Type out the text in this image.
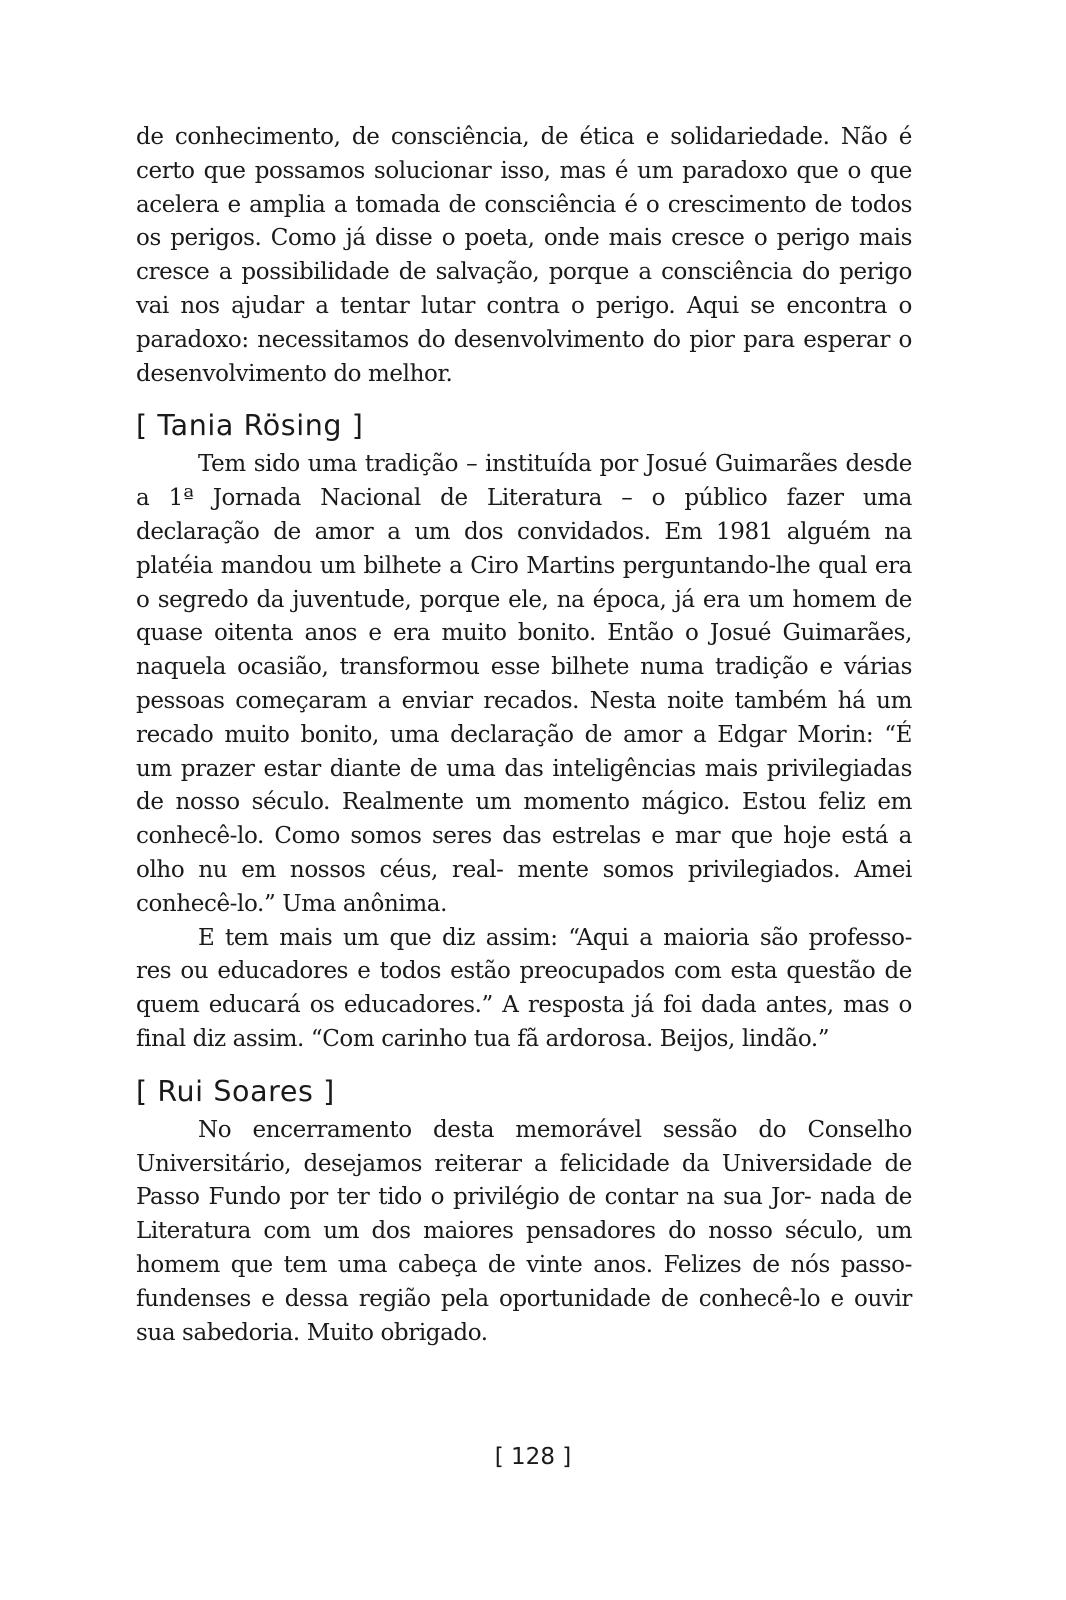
de conhecimento, de consciência, de ética e solidariedade. Não é certo que possamos solucionar isso, mas é um paradoxo que o que acelera e amplia a tomada de consciência é o crescimento de todos os perigos. Como já disse o poeta, onde mais cresce o perigo mais cresce a possibilidade de salvação, porque a consciência do perigo vai nos ajudar a tentar lutar contra o perigo. Aqui se encontra o paradoxo: necessitamos do desenvolvimento do pior para esperar o desenvolvimento do melhor.

[ Tania Rösing ]

Tem sido uma tradição – instituída por Josué Guimarães desde a 1ª Jornada Nacional de Literatura – o público fazer uma declaração de amor a um dos convidados. Em 1981 alguém na platéia mandou um bilhete a Ciro Martins perguntando-lhe qual era o segredo da juventude, porque ele, na época, já era um homem de quase oitenta anos e era muito bonito. Então o Josué Guimarães, naquela ocasião, transformou esse bilhete numa tradição e várias pessoas começaram a enviar recados. Nesta noite também há um recado muito bonito, uma declaração de amor a Edgar Morin: “É um prazer estar diante de uma das inteligências mais privilegiadas de nosso século. Realmente um momento mágico. Estou feliz em conhecê-lo. Como somos seres das estrelas e mar que hoje está a olho nu em nossos céus, real- mente somos privilegiados. Amei conhecê-lo.” Uma anônima.

E tem mais um que diz assim: “Aqui a maioria são professo- res ou educadores e todos estão preocupados com esta questão de quem educará os educadores.” A resposta já foi dada antes, mas o final diz assim. “Com carinho tua fã ardorosa. Beijos, lindão.”

[ Rui Soares ]

No encerramento desta memorável sessão do Conselho Universitário, desejamos reiterar a felicidade da Universidade de Passo Fundo por ter tido o privilégio de contar na sua Jor- nada de Literatura com um dos maiores pensadores do nosso século, um homem que tem uma cabeça de vinte anos. Felizes de nós passo-fundenses e dessa região pela oportunidade de conhecê-lo e ouvir sua sabedoria. Muito obrigado.

[ 128 ]
